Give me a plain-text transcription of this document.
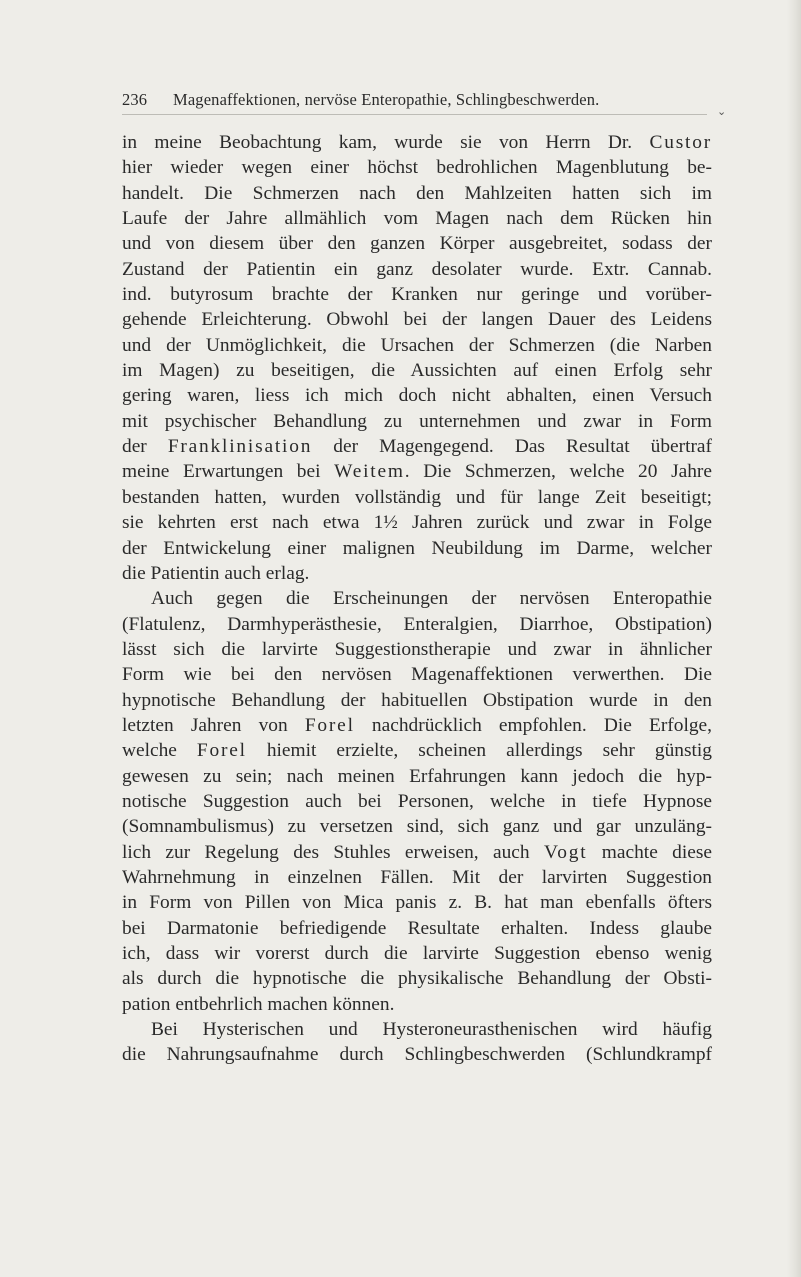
236 Magenaffektionen, nervöse Enteropathie, Schlingbeschwerden.
⌄
in meine Beobachtung kam, wurde sie von Herrn Dr. Custor
hier wieder wegen einer höchst bedrohlichen Magenblutung be-
handelt. Die Schmerzen nach den Mahlzeiten hatten sich im
Laufe der Jahre allmählich vom Magen nach dem Rücken hin
und von diesem über den ganzen Körper ausgebreitet, sodass der
Zustand der Patientin ein ganz desolater wurde. Extr. Cannab.
ind. butyrosum brachte der Kranken nur geringe und vorüber-
gehende Erleichterung. Obwohl bei der langen Dauer des Leidens
und der Unmöglichkeit, die Ursachen der Schmerzen (die Narben
im Magen) zu beseitigen, die Aussichten auf einen Erfolg sehr
gering waren, liess ich mich doch nicht abhalten, einen Versuch
mit psychischer Behandlung zu unternehmen und zwar in Form
der Franklinisation der Magengegend. Das Resultat übertraf
meine Erwartungen bei Weitem. Die Schmerzen, welche 20 Jahre
bestanden hatten, wurden vollständig und für lange Zeit beseitigt;
sie kehrten erst nach etwa 1½ Jahren zurück und zwar in Folge
der Entwickelung einer malignen Neubildung im Darme, welcher
die Patientin auch erlag.
Auch gegen die Erscheinungen der nervösen Enteropathie
(Flatulenz, Darmhyperästhesie, Enteralgien, Diarrhoe, Obstipation)
lässt sich die larvirte Suggestionstherapie und zwar in ähnlicher
Form wie bei den nervösen Magenaffektionen verwerthen. Die
hypnotische Behandlung der habituellen Obstipation wurde in den
letzten Jahren von Forel nachdrücklich empfohlen. Die Erfolge,
welche Forel hiemit erzielte, scheinen allerdings sehr günstig
gewesen zu sein; nach meinen Erfahrungen kann jedoch die hyp-
notische Suggestion auch bei Personen, welche in tiefe Hypnose
(Somnambulismus) zu versetzen sind, sich ganz und gar unzuläng-
lich zur Regelung des Stuhles erweisen, auch Vogt machte diese
Wahrnehmung in einzelnen Fällen. Mit der larvirten Suggestion
in Form von Pillen von Mica panis z. B. hat man ebenfalls öfters
bei Darmatonie befriedigende Resultate erhalten. Indess glaube
ich, dass wir vorerst durch die larvirte Suggestion ebenso wenig
als durch die hypnotische die physikalische Behandlung der Obsti-
pation entbehrlich machen können.
Bei Hysterischen und Hysteroneurasthenischen wird häufig
die Nahrungsaufnahme durch Schlingbeschwerden (Schlundkrampf
